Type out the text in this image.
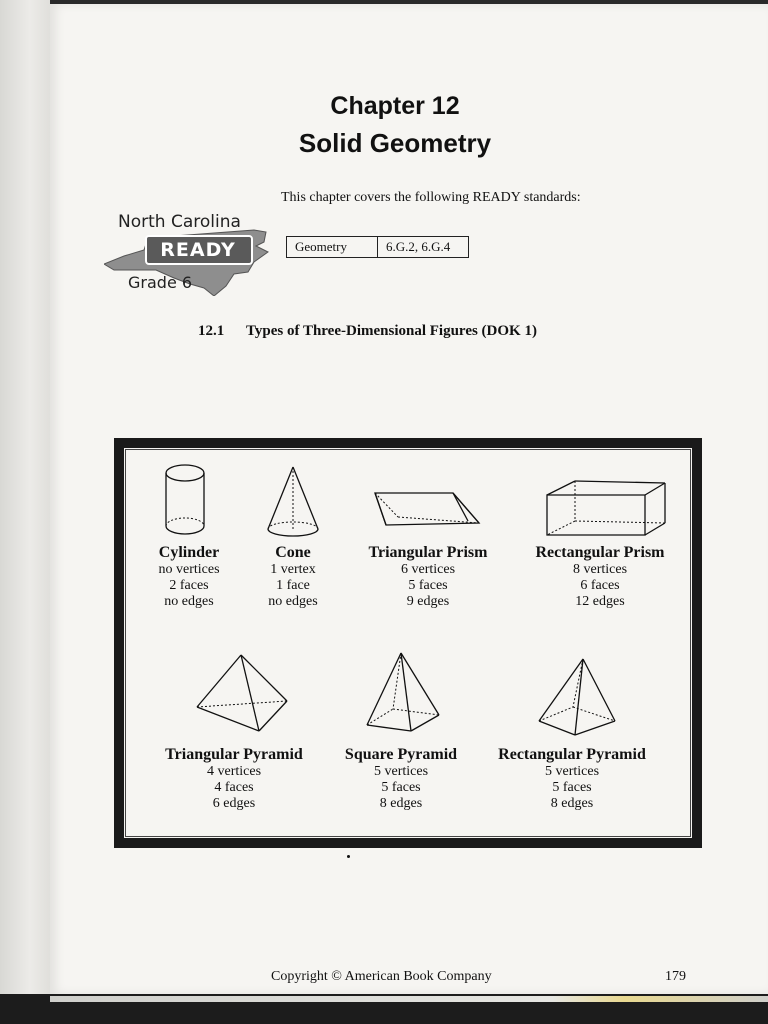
Chapter 12
Solid Geometry
This chapter covers the following READY standards:
Geometry	6.G.2, 6.G.4
North Carolina
READY
Grade 6
12.1 Types of Three-Dimensional Figures (DOK 1)
Cylinder
no vertices
2 faces
no edges
Cone
1 vertex
1 face
no edges
Triangular Prism
6 vertices
5 faces
9 edges
Rectangular Prism
8 vertices
6 faces
12 edges
Triangular Pyramid
4 vertices
4 faces
6 edges
Square Pyramid
5 vertices
5 faces
8 edges
Rectangular Pyramid
5 vertices
5 faces
8 edges
Copyright © American Book Company	179
